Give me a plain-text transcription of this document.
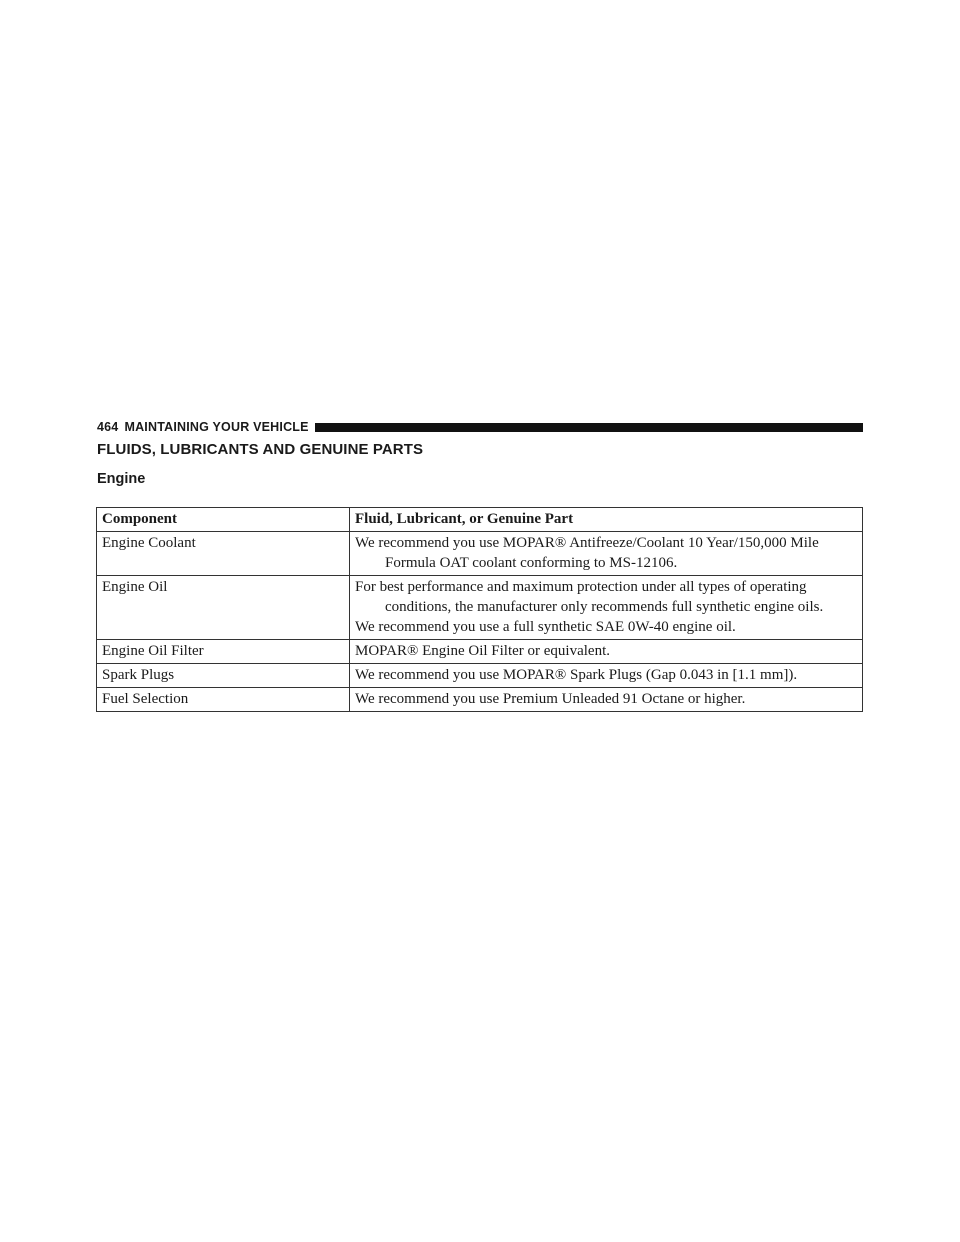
464 MAINTAINING YOUR VEHICLE
FLUIDS, LUBRICANTS AND GENUINE PARTS
Engine
Component	Fluid, Lubricant, or Genuine Part
Engine Coolant	We recommend you use MOPAR® Antifreeze/Coolant 10 Year/150,000 Mile Formula OAT coolant conforming to MS-12106.

Engine Oil	For best performance and maximum protection under all types of operating conditions, the manufacturer only recommends full synthetic engine oils.

We recommend you use a full synthetic SAE 0W-40 engine oil.

Engine Oil Filter	MOPAR® Engine Oil Filter or equivalent.

Spark Plugs	We recommend you use MOPAR® Spark Plugs (Gap 0.043 in [1.1 mm]).

Fuel Selection	We recommend you use Premium Unleaded 91 Octane or higher.
